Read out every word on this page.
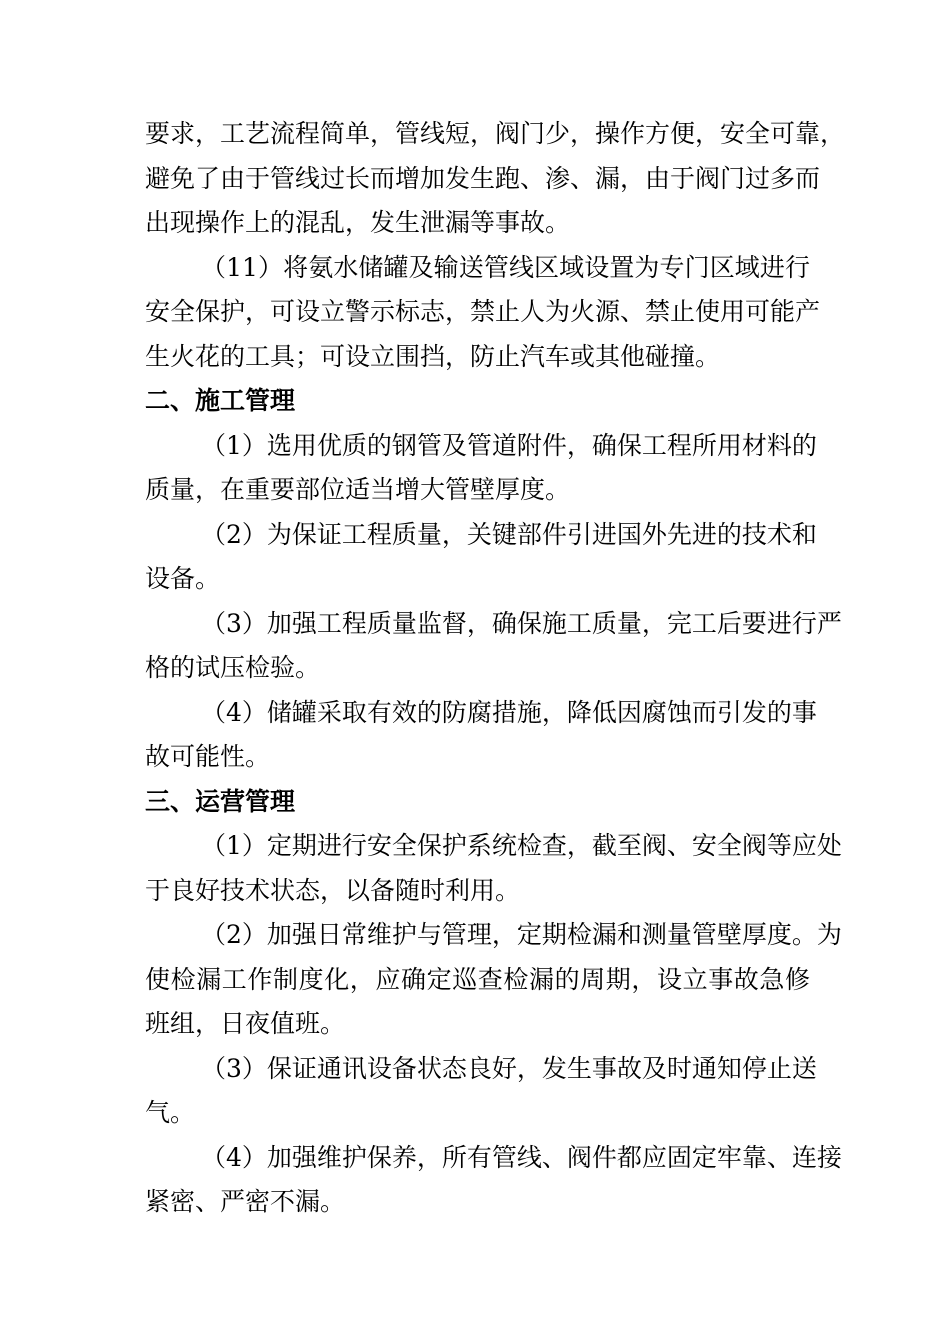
要求，工艺流程简单，管线短，阀门少，操作方便，安全可靠，
避免了由于管线过长而增加发生跑、渗、漏，由于阀门过多而
出现操作上的混乱，发生泄漏等事故。
（11）将氨水储罐及输送管线区域设置为专门区域进行
安全保护，可设立警示标志，禁止人为火源、禁止使用可能产
生火花的工具；可设立围挡，防止汽车或其他碰撞。
二、施工管理
（1）选用优质的钢管及管道附件，确保工程所用材料的
质量，在重要部位适当增大管壁厚度。
（2）为保证工程质量，关键部件引进国外先进的技术和
设备。
（3）加强工程质量监督，确保施工质量，完工后要进行严
格的试压检验。
（4）储罐采取有效的防腐措施，降低因腐蚀而引发的事
故可能性。
三、运营管理
（1）定期进行安全保护系统检查，截至阀、安全阀等应处
于良好技术状态，以备随时利用。
（2）加强日常维护与管理，定期检漏和测量管壁厚度。为
使检漏工作制度化，应确定巡查检漏的周期，设立事故急修
班组，日夜值班。
（3）保证通讯设备状态良好，发生事故及时通知停止送
气。
（4）加强维护保养，所有管线、阀件都应固定牢靠、连接
紧密、严密不漏。
